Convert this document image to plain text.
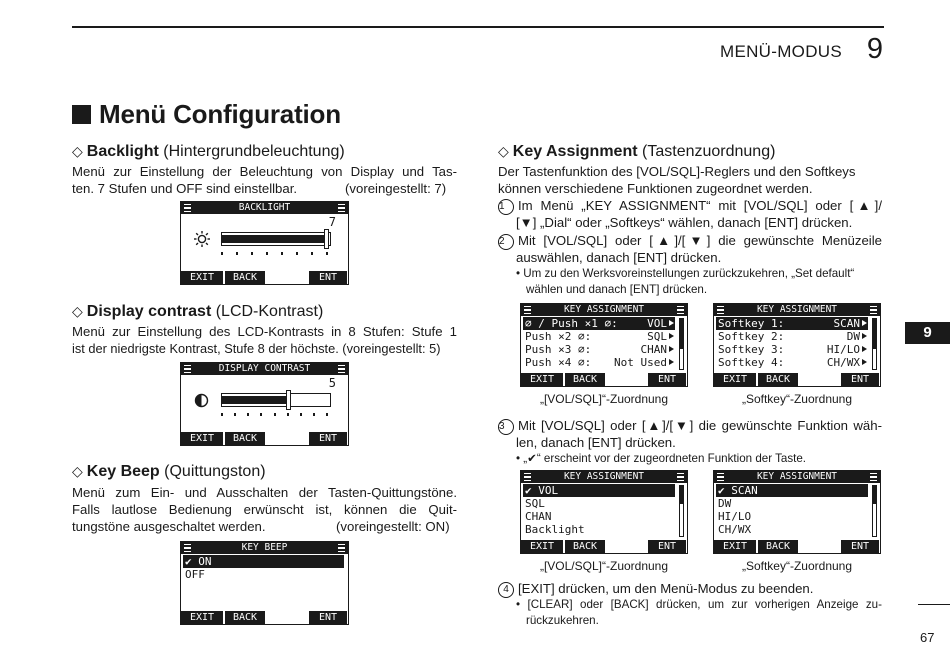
MENÜ-MODUS 9
Menü Configuration
◇ Backlight (Hintergrundbeleuchtung)
Menü zur Einstellung der Beleuchtung von Display und Tas-
ten. 7 Stufen und OFF sind einstellbar.	(voreingestellt: 7)
BACKLIGHT
7
EXIT	BACK	ENT
◇ Display contrast (LCD-Kontrast)
Menü zur Einstellung des LCD-Kontrasts in 8 Stufen: Stufe 1
ist der niedrigste Kontrast, Stufe 8 der höchste. (voreingestellt: 5)
DISPLAY CONTRAST
5
EXIT	BACK	ENT
◇ Key Beep (Quittungston)
Menü zum Ein- und Ausschalten der Tasten-Quittungstöne.
Falls lautlose Bedienung erwünscht ist, können die Quit-
tungstöne ausgeschaltet werden.	(voreingestellt: ON)
KEY BEEP
✔ ON
OFF
EXIT	BACK	ENT
◇ Key Assignment (Tastenzuordnung)
Der Tastenfunktion des [VOL/SQL]-Reglers und den Softkeys
können verschiedene Funktionen zugeordnet werden.
1 Im Menü „KEY ASSIGNMENT“ mit [VOL/SQL] oder [▲]/
[▼] „Dial“ oder „Softkeys“ wählen, danach [ENT] drücken.
2 Mit [VOL/SQL] oder [▲]/[▼] die gewünschte Menüzeile
auswählen, danach [ENT] drücken.
• Um zu den Werksvoreinstellungen zurückzukehren, „Set default“
wählen und danach [ENT] drücken.
KEY ASSIGNMENT
⌀ / Push ×1 ⌀:	VOL
Push ×2 ⌀:	SQL
Push ×3 ⌀:	CHAN
Push ×4 ⌀: Not Used
EXIT	BACK	ENT
„[VOL/SQL]“-Zuordnung
KEY ASSIGNMENT
Softkey 1:	SCAN
Softkey 2:	DW
Softkey 3:	HI/LO
Softkey 4:	CH/WX
EXIT	BACK	ENT
„Softkey“-Zuordnung
3 Mit [VOL/SQL] oder [▲]/[▼] die gewünschte Funktion wäh-
len, danach [ENT] drücken.
• „✔“ erscheint vor der zugeordneten Funktion der Taste.
KEY ASSIGNMENT
✔ VOL
SQL
CHAN
Backlight
EXIT	BACK	ENT
„[VOL/SQL]“-Zuordnung
KEY ASSIGNMENT
✔ SCAN
DW
HI/LO
CH/WX
EXIT	BACK	ENT
„Softkey“-Zuordnung
4 [EXIT] drücken, um den Menü-Modus zu beenden.
• [CLEAR] oder [BACK] drücken, um zur vorherigen Anzeige zu-
rückzukehren.
9
67
